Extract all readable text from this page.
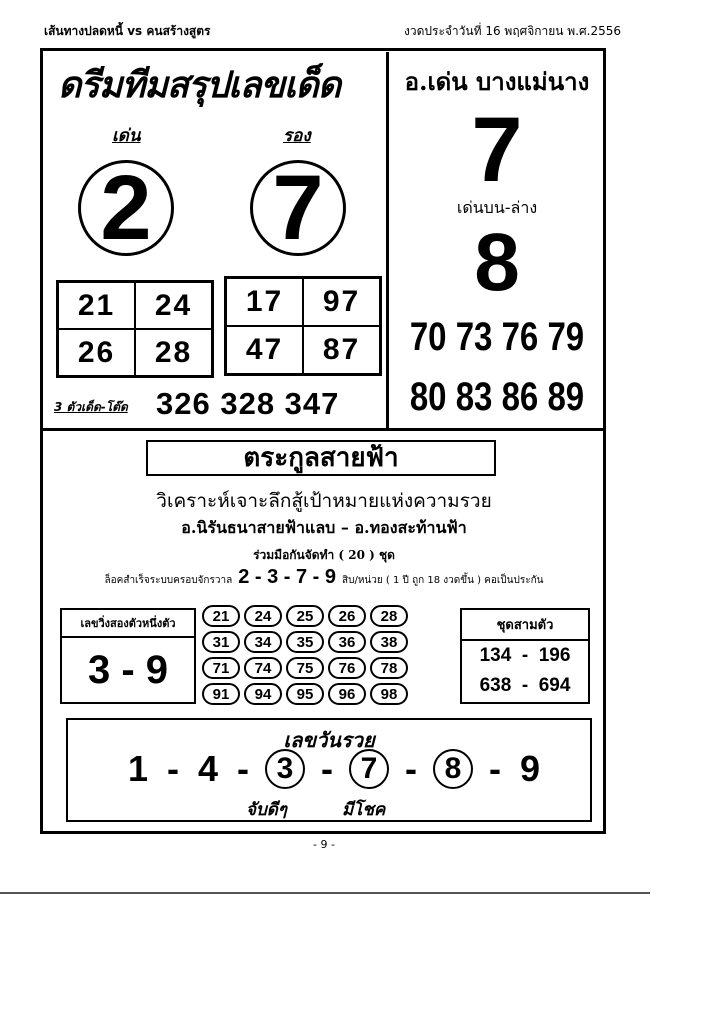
เส้นทางปลดหนี้ vs คนสร้างสูตร	งวดประจำวันที่ 16 พฤศจิกายน พ.ศ.2556
ดรีมทีมสรุปเลขเด็ด
เด่น	รอง
2 7
21	24
26	28
17	97
47	87
3 ตัวเด็ด-โต๊ด 326 328 347
อ.เด่น บางแม่นาง
7
เด่นบน-ล่าง
8
70 73 76 79
80 83 86 89
ตระกูลสายฟ้า
วิเคราะห์เจาะลึกสู้เป้าหมายแห่งความรวย
อ.นิรันธนาสายฟ้าแลบ – อ.ทองสะท้านฟ้า
ร่วมมือกันจัดทำ ( 20 ) ชุด
ล็อคสำเร็จระบบครอบจักรวาล 2 - 3 - 7 - 9 สิบ/หน่วย ( 1 ปี ถูก 18 งวดขึ้น ) คอเป็นประกัน
เลขวิ่งสองตัวหนึ่งตัว
3 - 9
21	24	25	26	28
31	34	35	36	38
71	74	75	76	78
91	94	95	96	98
ชุดสามตัว
134  -  196
638  -  694
เลขวันรวย
1 - 4 - 3 - 7 - 8 - 9
จับดีๆ	มีโชค
- 9 -
